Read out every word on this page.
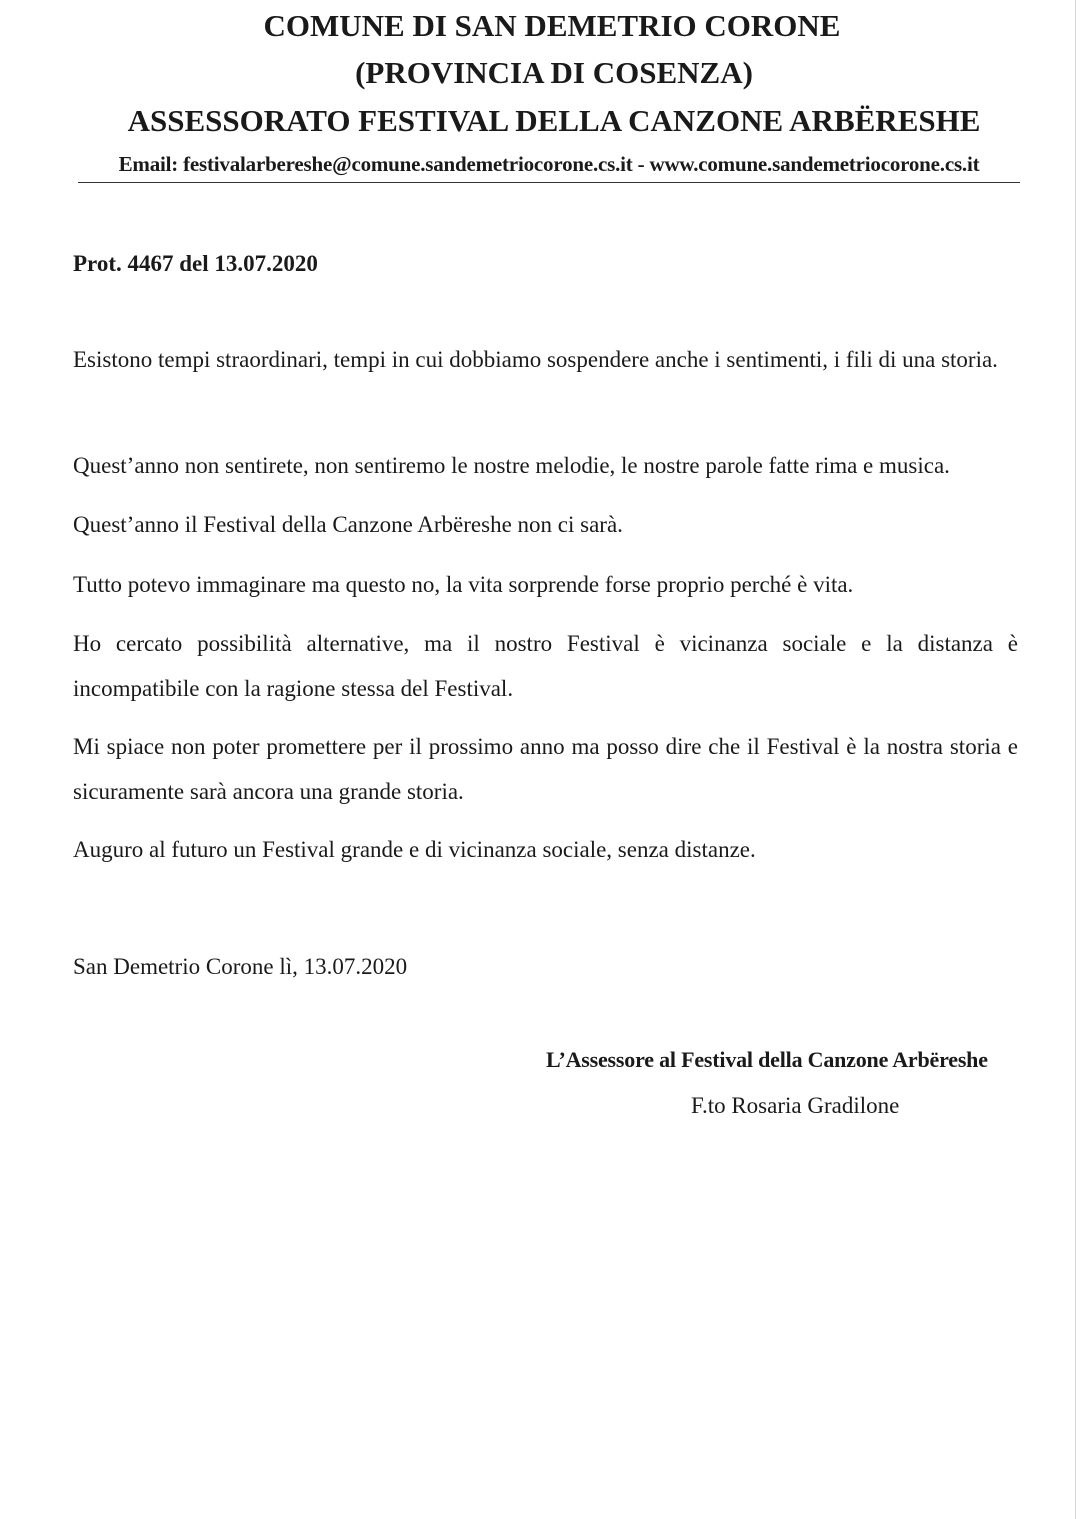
COMUNE DI SAN DEMETRIO CORONE
(PROVINCIA DI COSENZA)
ASSESSORATO FESTIVAL DELLA CANZONE ARBËRESHE
Email: festivalarbereshe@comune.sandemetriocorone.cs.it - www.comune.sandemetriocorone.cs.it
Prot. 4467 del 13.07.2020
Esistono tempi straordinari, tempi in cui dobbiamo sospendere anche i sentimenti, i fili di una storia.
Quest’anno non sentirete, non sentiremo le nostre melodie, le nostre parole fatte rima e musica.
Quest’anno il Festival della Canzone Arbëreshe non ci sarà.
Tutto potevo immaginare ma questo no, la vita sorprende forse proprio perché è vita.
Ho cercato possibilità alternative, ma il nostro Festival è vicinanza sociale e la distanza è incompatibile con la ragione stessa del Festival.
Mi spiace non poter promettere per il prossimo anno ma posso dire che il Festival è la nostra storia e sicuramente sarà ancora una grande storia.
Auguro al futuro un Festival grande e di vicinanza sociale, senza distanze.
San Demetrio Corone lì, 13.07.2020
L’Assessore al Festival della Canzone Arbëreshe
F.to Rosaria Gradilone
